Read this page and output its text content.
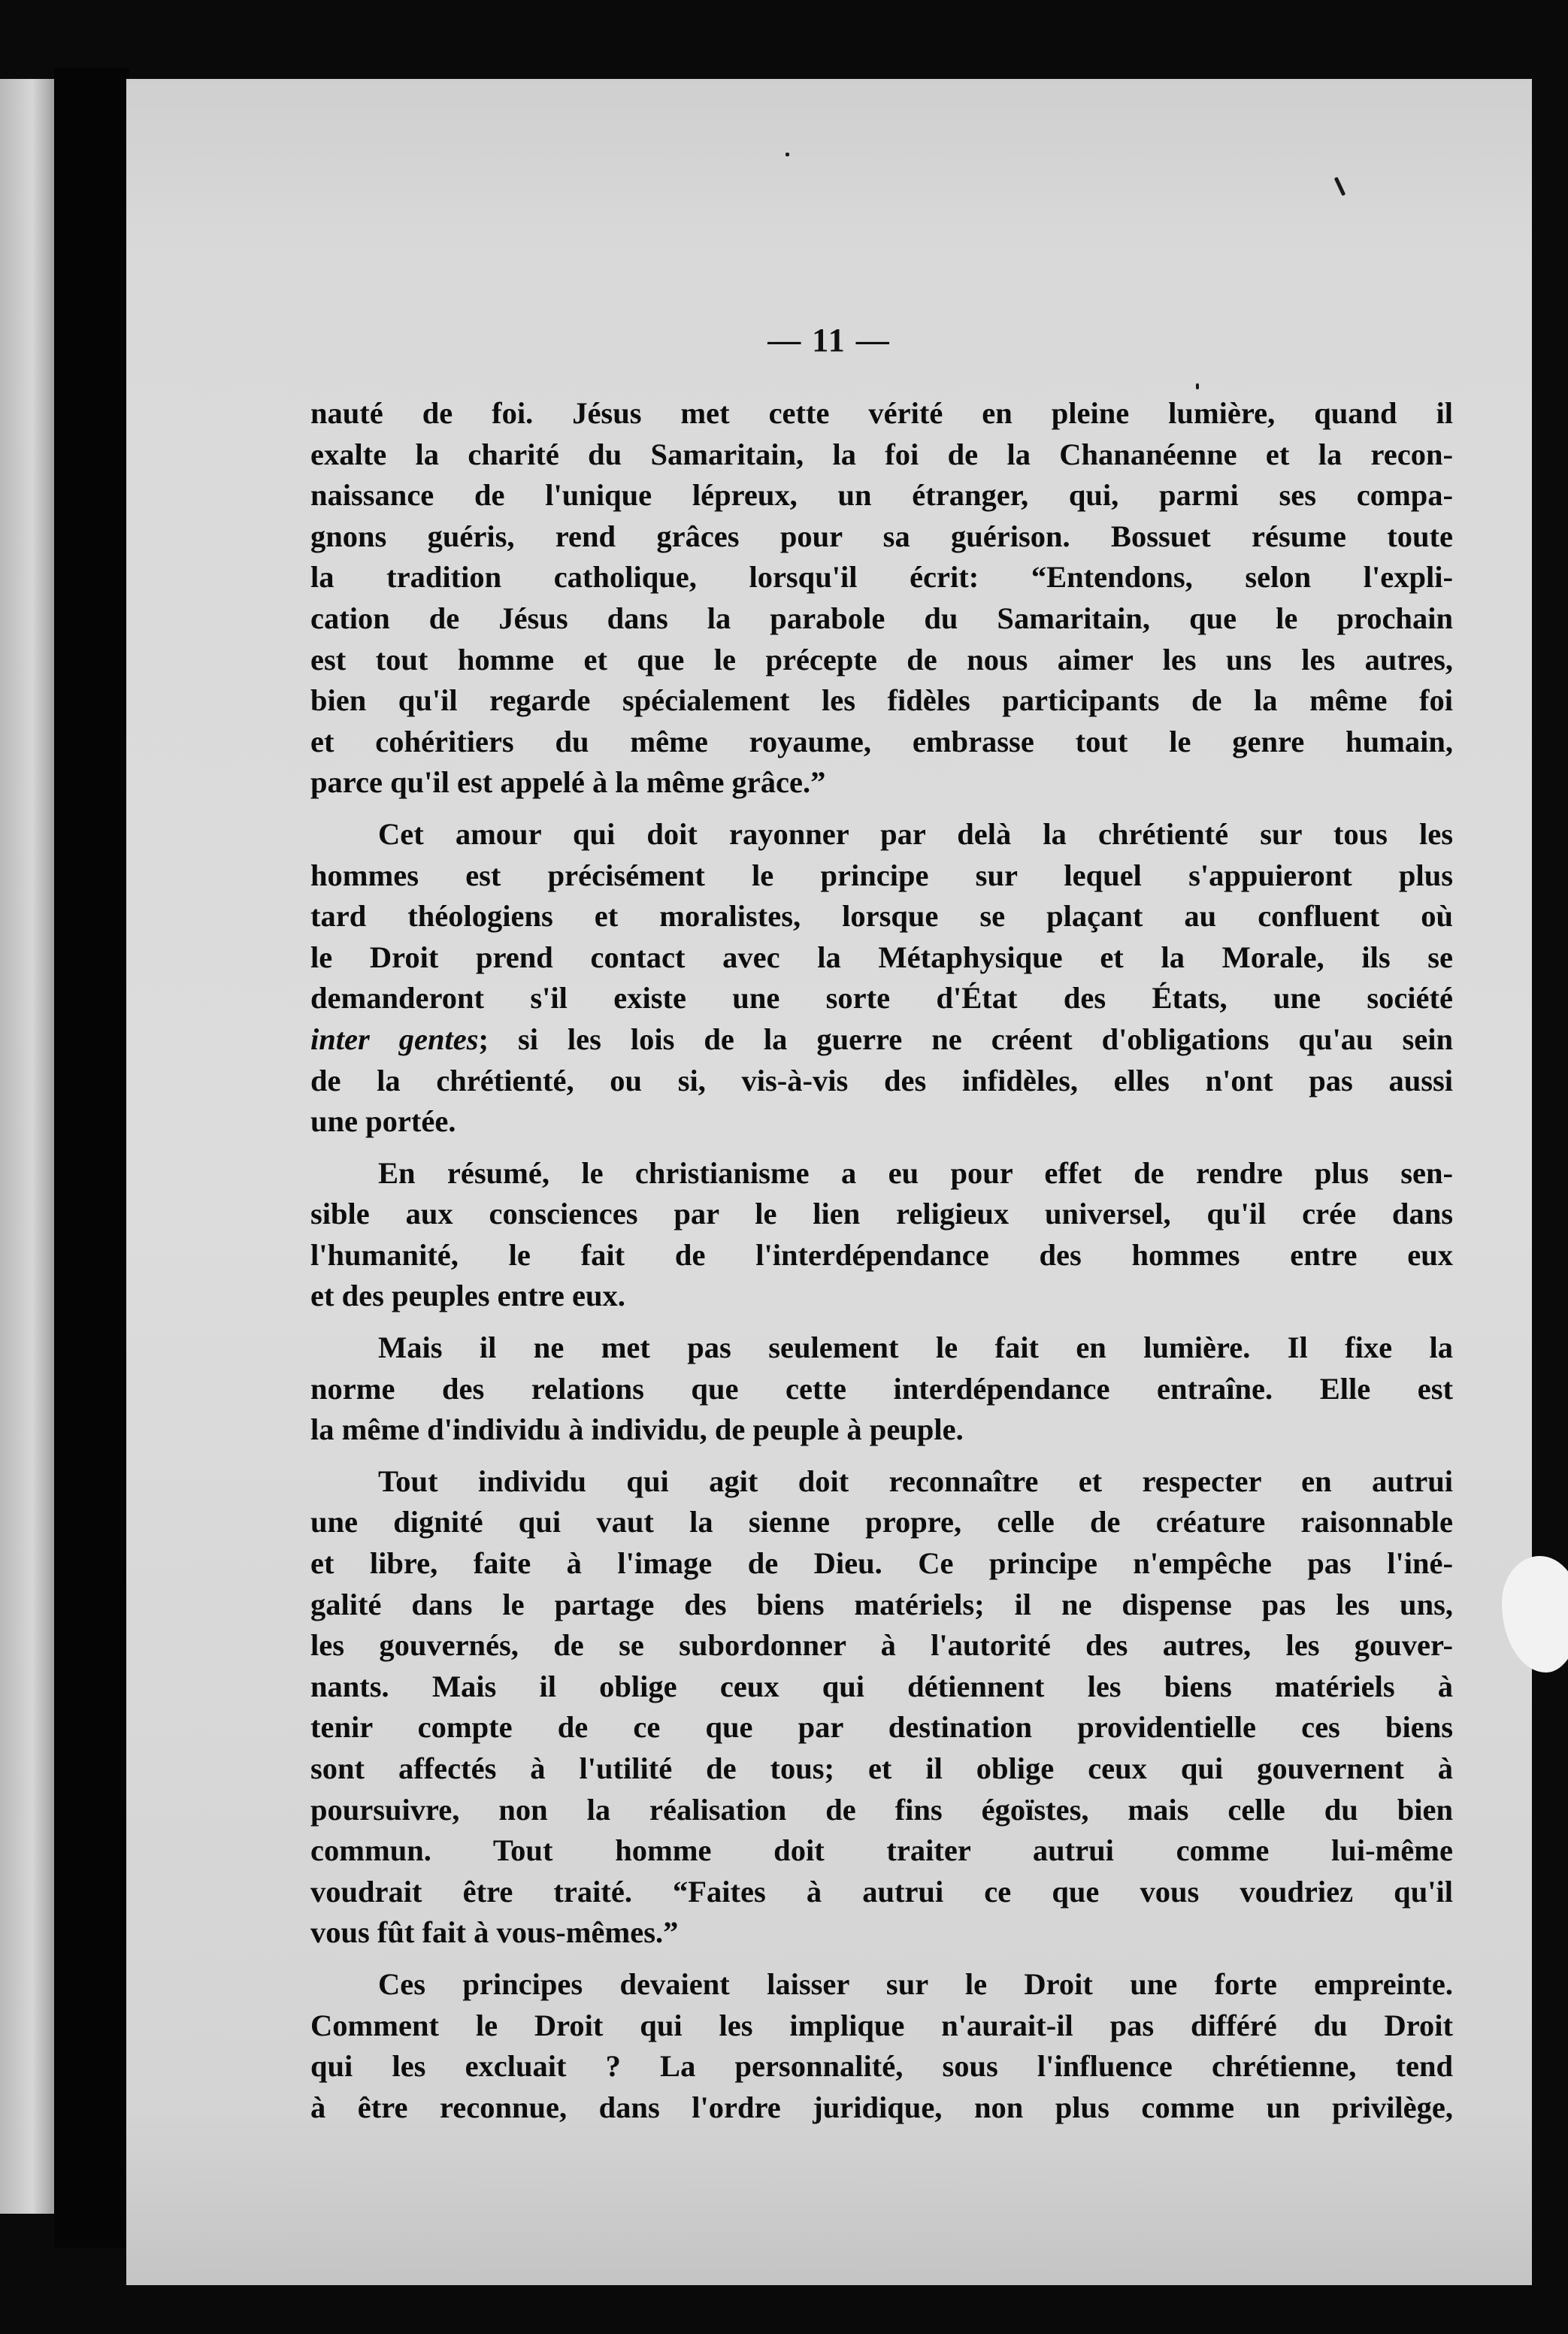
— 11 —
nauté de foi. Jésus met cette vérité en pleine lumière, quand il
exalte la charité du Samaritain, la foi de la Chananéenne et la recon-
naissance de l'unique lépreux, un étranger, qui, parmi ses compa-
gnons guéris, rend grâces pour sa guérison. Bossuet résume toute
la tradition catholique, lorsqu'il écrit: “Entendons, selon l'expli-
cation de Jésus dans la parabole du Samaritain, que le prochain
est tout homme et que le précepte de nous aimer les uns les autres,
bien qu'il regarde spécialement les fidèles participants de la même foi
et cohéritiers du même royaume, embrasse tout le genre humain,
parce qu'il est appelé à la même grâce.”
Cet amour qui doit rayonner par delà la chrétienté sur tous les
hommes est précisément le principe sur lequel s'appuieront plus
tard théologiens et moralistes, lorsque se plaçant au confluent où
le Droit prend contact avec la Métaphysique et la Morale, ils se
demanderont s'il existe une sorte d'État des États, une société
inter gentes; si les lois de la guerre ne créent d'obligations qu'au sein
de la chrétienté, ou si, vis-à-vis des infidèles, elles n'ont pas aussi
une portée.
En résumé, le christianisme a eu pour effet de rendre plus sen-
sible aux consciences par le lien religieux universel, qu'il crée dans
l'humanité, le fait de l'interdépendance des hommes entre eux
et des peuples entre eux.
Mais il ne met pas seulement le fait en lumière. Il fixe la
norme des relations que cette interdépendance entraîne. Elle est
la même d'individu à individu, de peuple à peuple.
Tout individu qui agit doit reconnaître et respecter en autrui
une dignité qui vaut la sienne propre, celle de créature raisonnable
et libre, faite à l'image de Dieu. Ce principe n'empêche pas l'iné-
galité dans le partage des biens matériels; il ne dispense pas les uns,
les gouvernés, de se subordonner à l'autorité des autres, les gouver-
nants. Mais il oblige ceux qui détiennent les biens matériels à
tenir compte de ce que par destination providentielle ces biens
sont affectés à l'utilité de tous; et il oblige ceux qui gouvernent à
poursuivre, non la réalisation de fins égoïstes, mais celle du bien
commun. Tout homme doit traiter autrui comme lui-même
voudrait être traité. “Faites à autrui ce que vous voudriez qu'il
vous fût fait à vous-mêmes.”
Ces principes devaient laisser sur le Droit une forte empreinte.
Comment le Droit qui les implique n'aurait-il pas différé du Droit
qui les excluait ? La personnalité, sous l'influence chrétienne, tend
à être reconnue, dans l'ordre juridique, non plus comme un privilège,
